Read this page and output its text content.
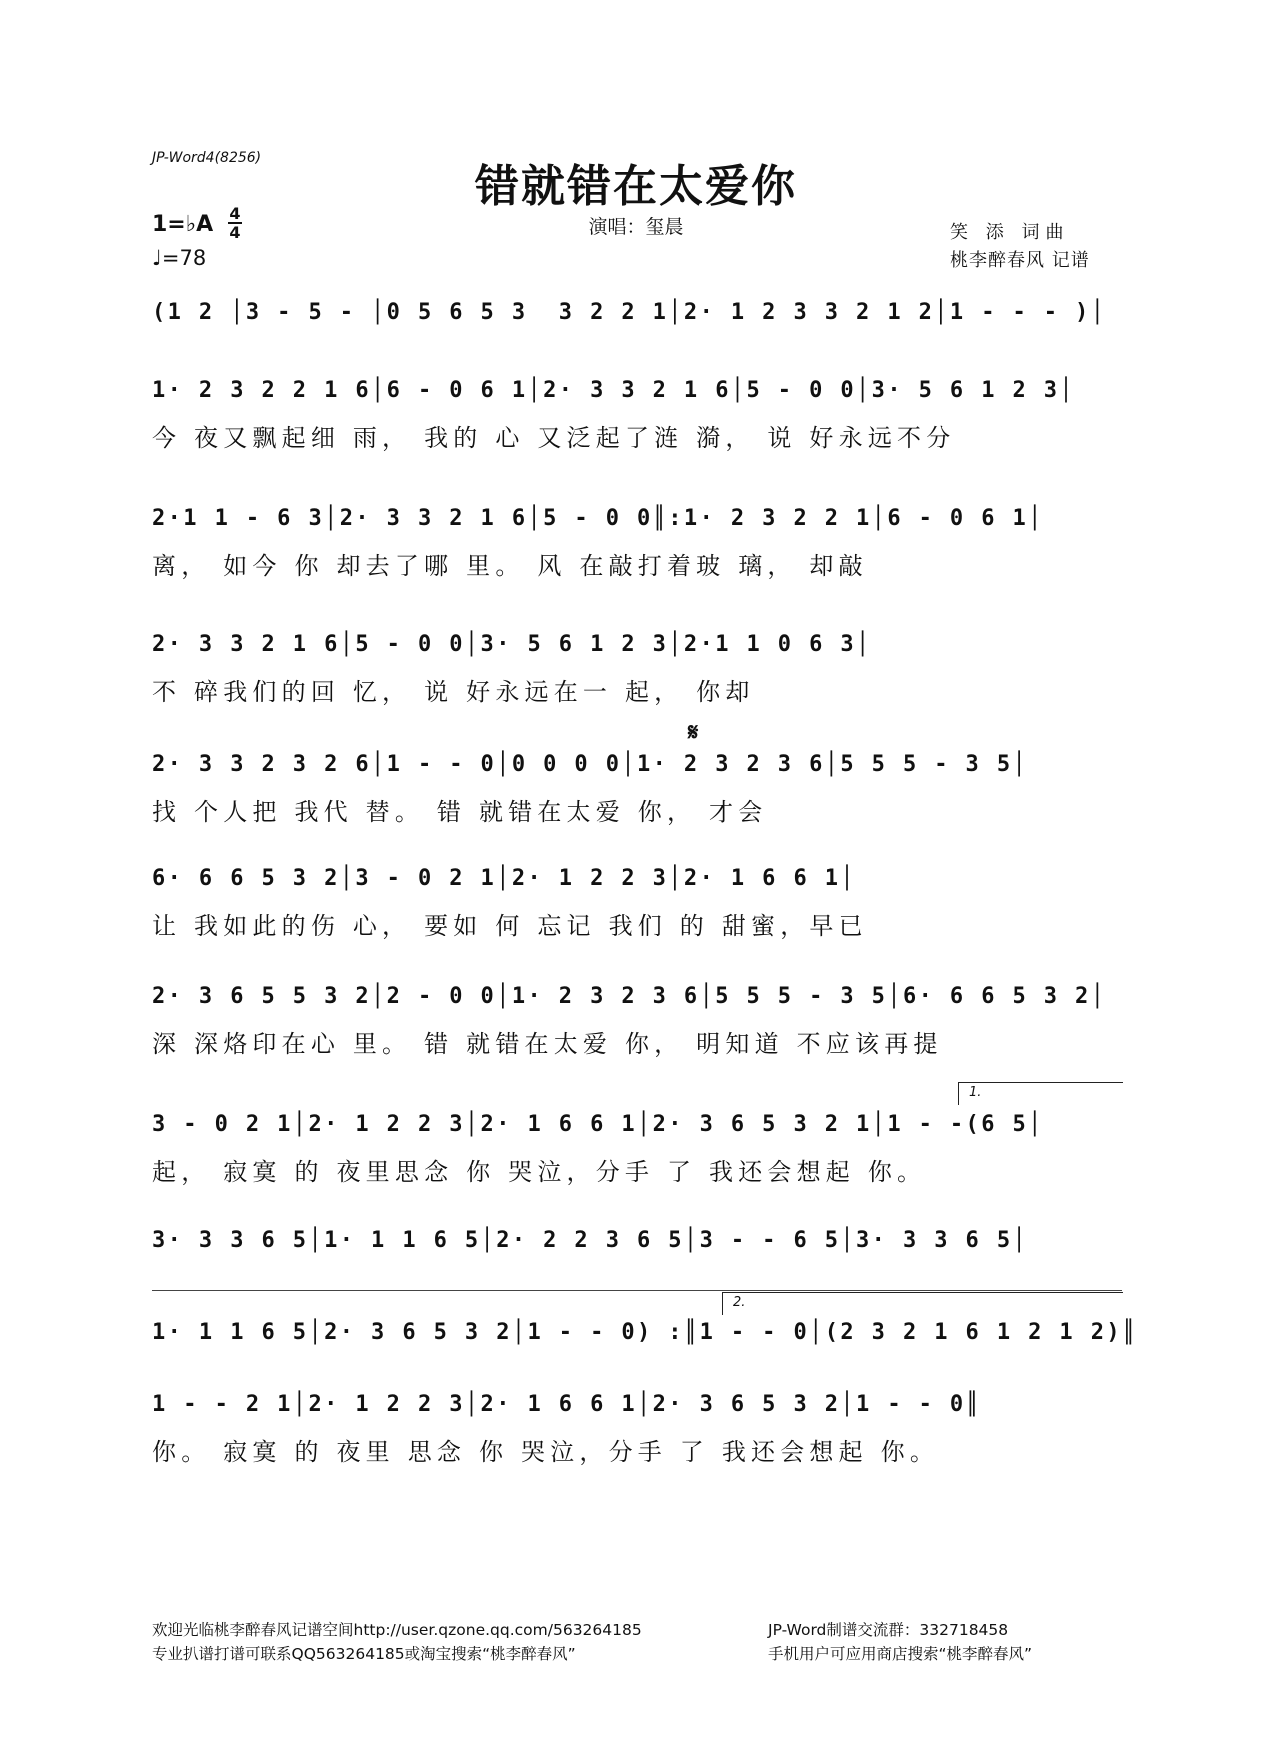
JP-Word4(8256)
错就错在太爱你
演唱：玺晨
1=♭A 4
4
♩=78
笑 添 词曲
桃李醉春风 记谱
(1 2 │3 - 5 - │0 5 6 5 3  3 2 2 1│2· 1 2 3 3 2 1 2│1 - - - )│
1· 2 3 2 2 1 6│6 - 0 6 1│2· 3 3 2 1 6│5 - 0 0│3· 5 6 1 2 3│
今 夜又飘起细 雨， 我的 心 又泛起了涟 漪， 说 好永远不分
2·1 1 - 6 3│2· 3 3 2 1 6│5 - 0 0║:1· 2 3 2 2 1│6 - 0 6 1│
离， 如今 你 却去了哪 里。 风 在敲打着玻 璃， 却敲
2· 3 3 2 1 6│5 - 0 0│3· 5 6 1 2 3│2·1 1 0 6 3│
不 碎我们的回 忆， 说 好永远在一 起， 你却
𝄋
2· 3 3 2 3 2 6│1 - - 0│0 0 0 0│1· 2 3 2 3 6│5 5 5 - 3 5│
找 个人把 我代 替。 错 就错在太爱 你， 才会
6· 6 6 5 3 2│3 - 0 2 1│2· 1 2 2 3│2· 1 6 6 1│
让 我如此的伤 心， 要如 何 忘记 我们 的 甜蜜，早已
2· 3 6 5 5 3 2│2 - 0 0│1· 2 3 2 3 6│5 5 5 - 3 5│6· 6 6 5 3 2│
深 深烙印在心 里。 错 就错在太爱 你， 明知道 不应该再提
1.
3 - 0 2 1│2· 1 2 2 3│2· 1 6 6 1│2· 3 6 5 3 2 1│1 - -(6 5│
起， 寂寞 的 夜里思念 你 哭泣，分手 了 我还会想起 你。
3· 3 3 6 5│1· 1 1 6 5│2· 2 2 3 6 5│3 - - 6 5│3· 3 3 6 5│
2.
1· 1 1 6 5│2· 3 6 5 3 2│1 - - 0) :║1 - - 0│(2 3 2 1 6 1 2 1 2)║
1 - - 2 1│2· 1 2 2 3│2· 1 6 6 1│2· 3 6 5 3 2│1 - - 0║
你。 寂寞 的 夜里 思念 你 哭泣，分手 了 我还会想起 你。
欢迎光临桃李醉春风记谱空间http://user.qzone.qq.com/563264185
专业扒谱打谱可联系QQ563264185或淘宝搜索“桃李醉春风”
JP-Word制谱交流群：332718458
手机用户可应用商店搜索“桃李醉春风”
